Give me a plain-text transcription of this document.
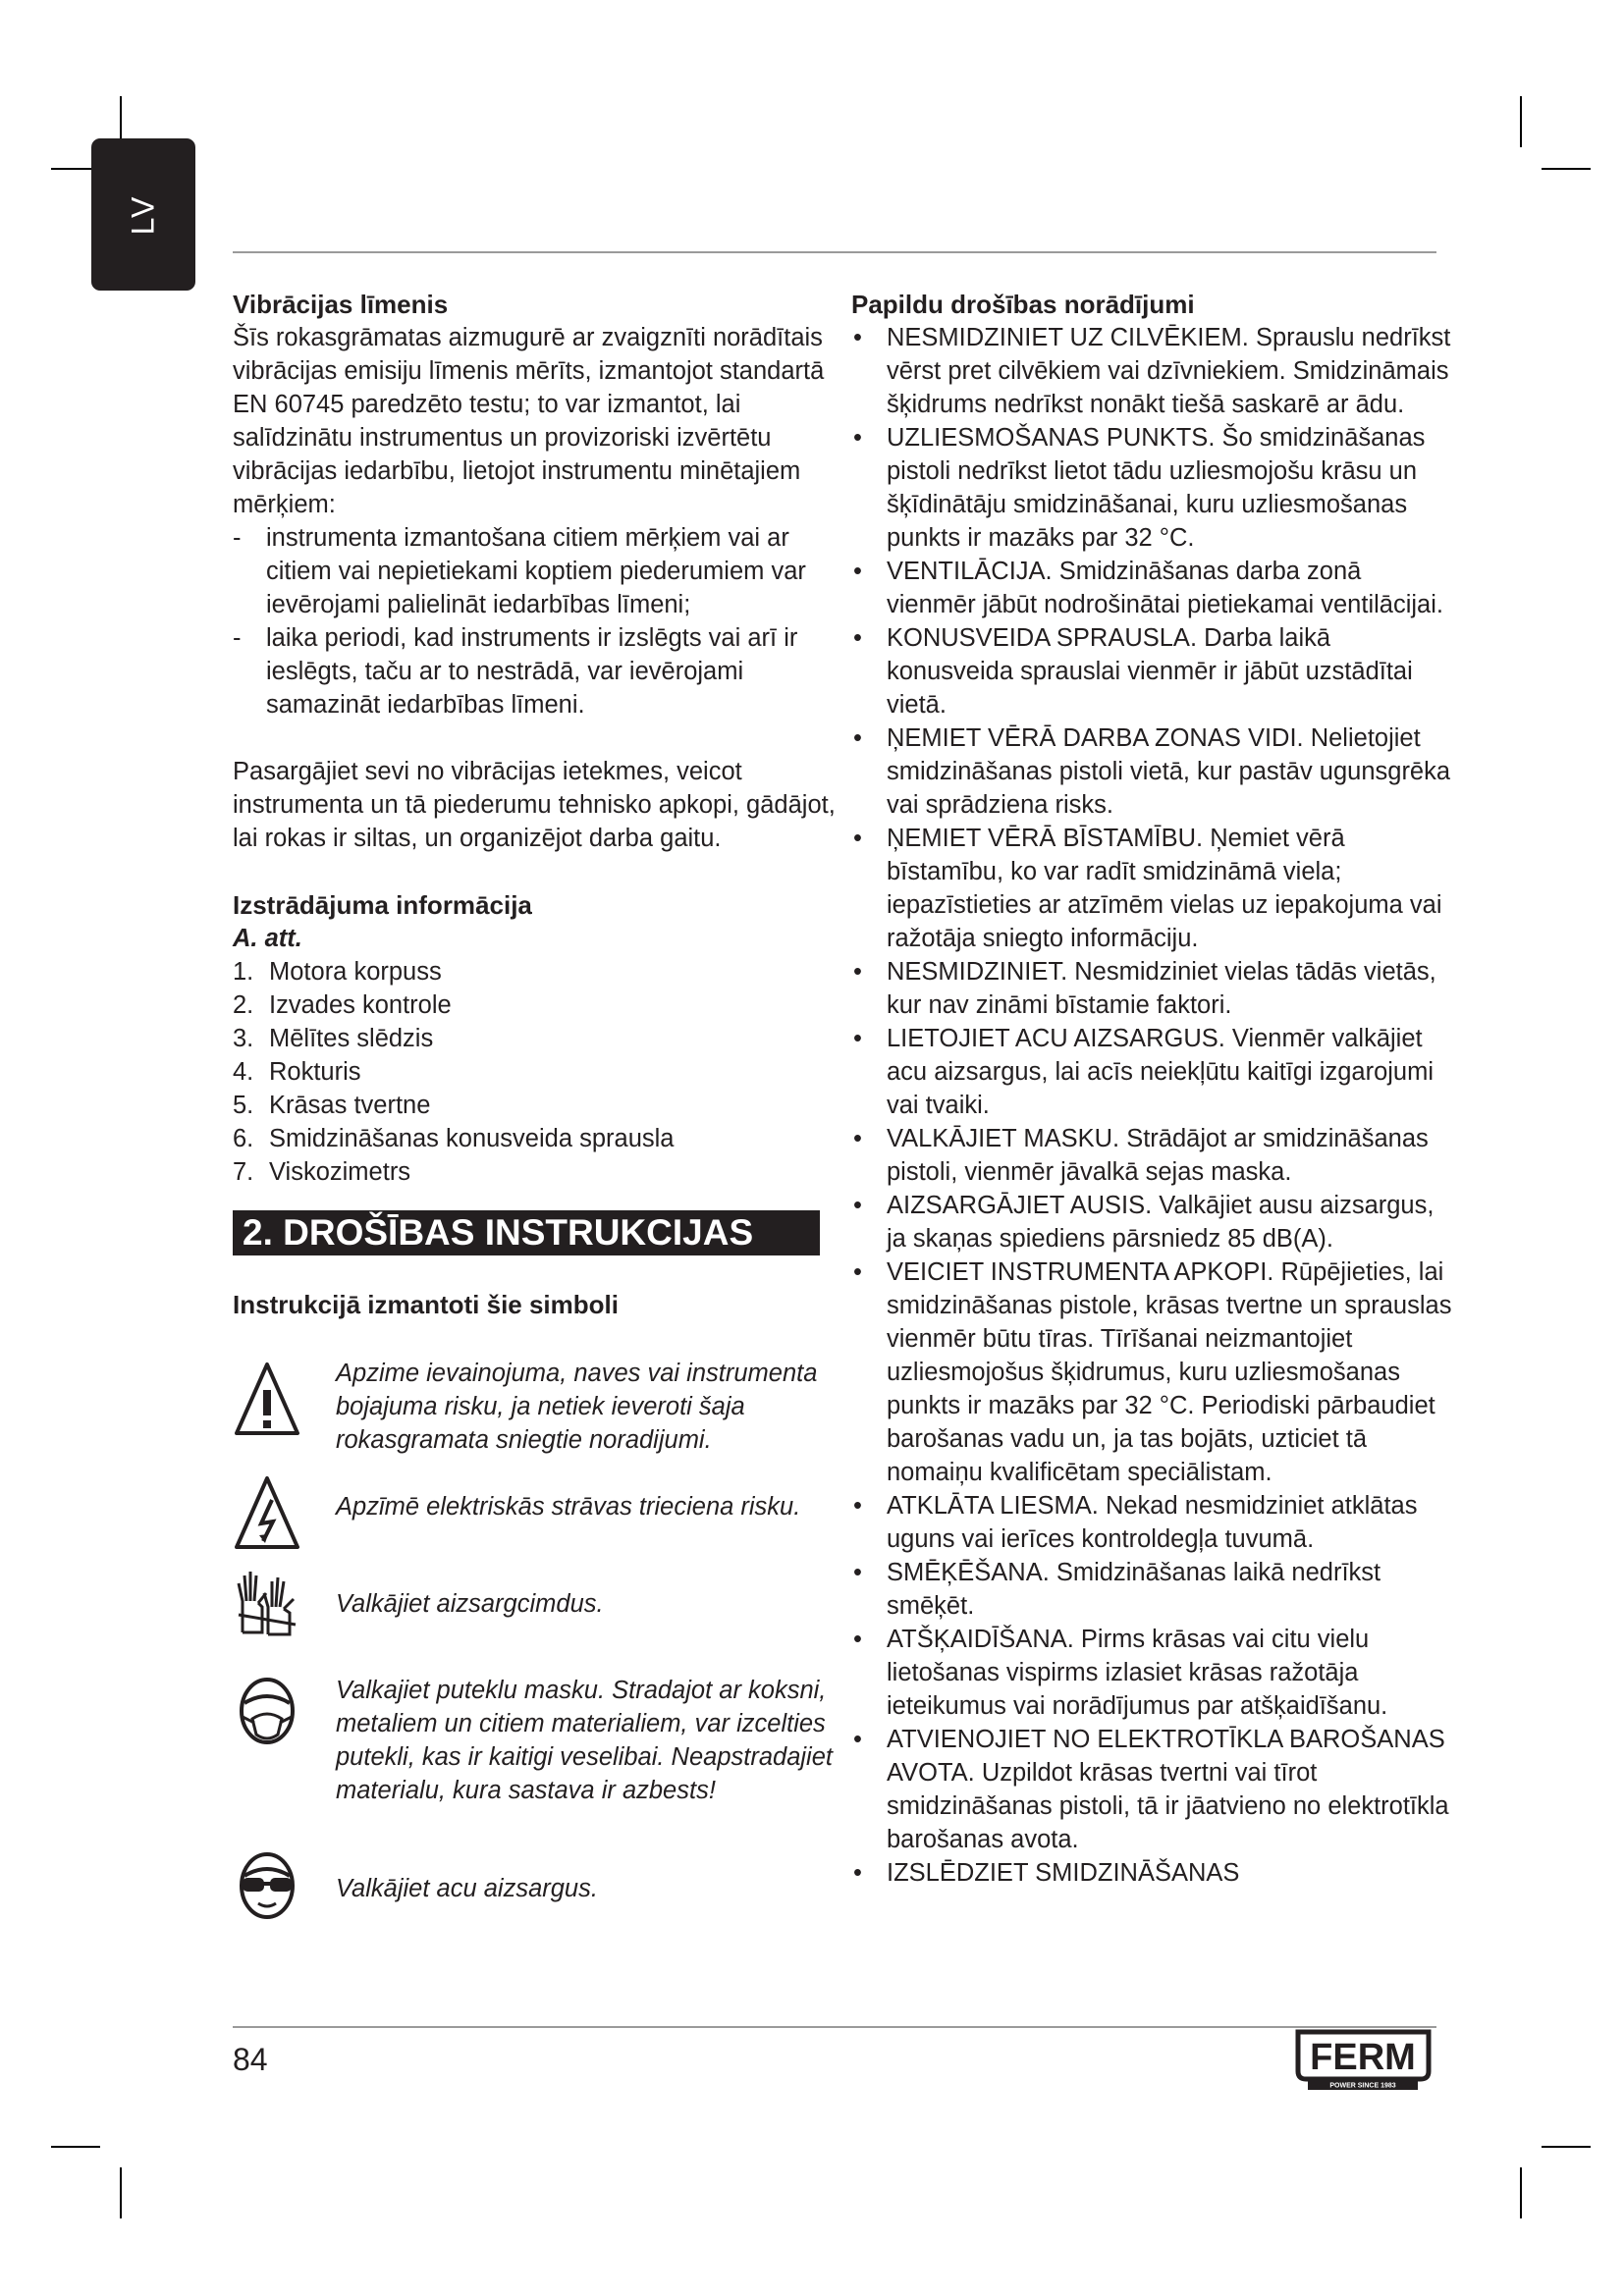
LV
Vibrācijas līmenis

Šīs rokasgrāmatas aizmugurē ar zvaigznīti norādītais vibrācijas emisiju līmenis mērīts, izmantojot standartā EN 60745 paredzēto testu; to var izmantot, lai salīdzinātu instrumentus un provizoriski izvērtētu vibrācijas iedarbību, lietojot instrumentu minētajiem mērķiem:

-	instrumenta izmantošana citiem mērķiem vai ar citiem vai nepietiekami koptiem piederumiem var ievērojami palielināt iedarbības līmeni;
-	laika periodi, kad instruments ir izslēgts vai arī ir ieslēgts, taču ar to nestrādā, var ievērojami samazināt iedarbības līmeni.

Pasargājiet sevi no vibrācijas ietekmes, veicot instrumenta un tā piederumu tehnisko apkopi, gādājot, lai rokas ir siltas, un organizējot darba gaitu.

Izstrādājuma informācija
A. att.
1. Motora korpuss
2. Izvades kontrole
3. Mēlītes slēdzis
4. Rokturis
5. Krāsas tvertne
6. Smidzināšanas konusveida sprausla
7. Viskozimetrs
2. DROŠĪBAS INSTRUKCIJAS
Instrukcijā izmantoti šie simboli
Apzime ievainojuma, naves vai instrumenta bojajuma risku, ja netiek ieveroti šaja rokasgramata sniegtie noradijumi.
Apzīmē elektriskās strāvas trieciena risku.
Valkājiet aizsargcimdus.
Valkajiet puteklu masku. Stradajot ar koksni, metaliem un citiem materialiem, var izcelties putekli, kas ir kaitigi veselibai. Neapstradajiet materialu, kura sastava ir azbests!
Valkājiet acu aizsargus.
Papildu drošības norādījumi
• NESMIDZINIET UZ CILVĒKIEM. Sprauslu nedrīkst vērst pret cilvēkiem vai dzīvniekiem. Smidzināmais šķidrums nedrīkst nonākt tiešā saskarē ar ādu.
• UZLIESMOŠANAS PUNKTS. Šo smidzināšanas pistoli nedrīkst lietot tādu uzliesmojošu krāsu un šķīdinātāju smidzināšanai, kuru uzliesmošanas punkts ir mazāks par 32 °C.
• VENTILĀCIJA. Smidzināšanas darba zonā vienmēr jābūt nodrošinātai pietiekamai ventilācijai.
• KONUSVEIDA SPRAUSLA. Darba laikā konusveida sprauslai vienmēr ir jābūt uzstādītai vietā.
• ŅEMIET VĒRĀ DARBA ZONAS VIDI. Nelietojiet smidzināšanas pistoli vietā, kur pastāv ugunsgrēka vai sprādziena risks.
• ŅEMIET VĒRĀ BĪSTAMĪBU. Ņemiet vērā bīstamību, ko var radīt smidzināmā viela; iepazīstieties ar atzīmēm vielas uz iepakojuma vai ražotāja sniegto informāciju.
• NESMIDZINIET. Nesmidziniet vielas tādās vietās, kur nav zināmi bīstamie faktori.
• LIETOJIET ACU AIZSARGUS. Vienmēr valkājiet acu aizsargus, lai acīs neiekļūtu kaitīgi izgarojumi vai tvaiki.
• VALKĀJIET MASKU. Strādājot ar smidzināšanas pistoli, vienmēr jāvalkā sejas maska.
• AIZSARGĀJIET AUSIS. Valkājiet ausu aizsargus, ja skaņas spiediens pārsniedz 85 dB(A).
• VEICIET INSTRUMENTA APKOPI. Rūpējieties, lai smidzināšanas pistole, krāsas tvertne un sprauslas vienmēr būtu tīras. Tīrīšanai neizmantojiet uzliesmojošus šķidrumus, kuru uzliesmošanas punkts ir mazāks par 32 °C. Periodiski pārbaudiet barošanas vadu un, ja tas bojāts, uzticiet tā nomaiņu kvalificētam speciālistam.
• ATKLĀTA LIESMA. Nekad nesmidziniet atklātas uguns vai ierīces kontroldegļa tuvumā.
• SMĒĶĒŠANA. Smidzināšanas laikā nedrīkst smēķēt.
• ATŠĶAIDĪŠANA. Pirms krāsas vai citu vielu lietošanas vispirms izlasiet krāsas ražotāja ieteikumus vai norādījumus par atšķaidīšanu.
• ATVIENOJIET NO ELEKTROTĪKLA BAROŠANAS AVOTA. Uzpildot krāsas tvertni vai tīrot smidzināšanas pistoli, tā ir jāatvieno no elektrotīkla barošanas avota.
• IZSLĒDZIET SMIDZINĀŠANAS
84	FERM
POWER SINCE 1983
